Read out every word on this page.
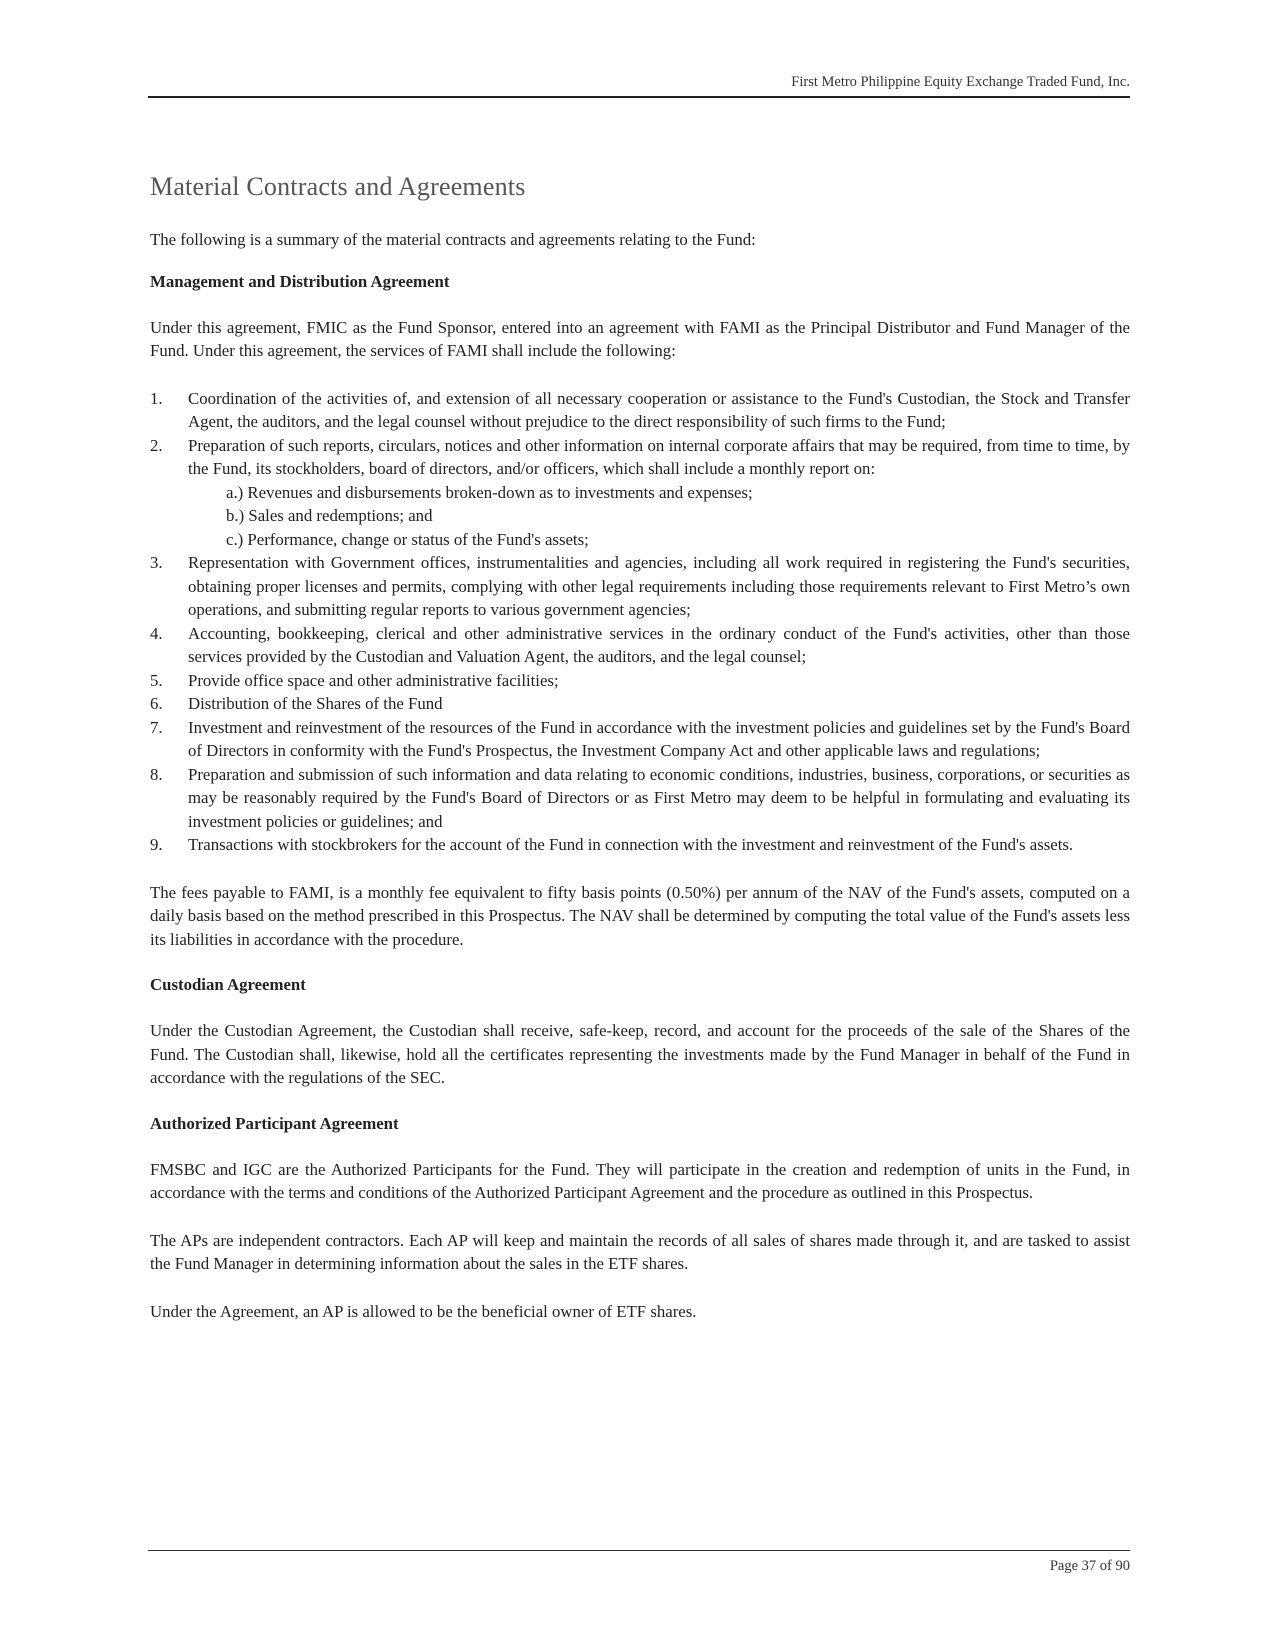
First Metro Philippine Equity Exchange Traded Fund, Inc.
Material Contracts and Agreements

The following is a summary of the material contracts and agreements relating to the Fund:

Management and Distribution Agreement

Under this agreement, FMIC as the Fund Sponsor, entered into an agreement with FAMI as the Principal Distributor and Fund Manager of the Fund. Under this agreement, the services of FAMI shall include the following:

1. Coordination of the activities of, and extension of all necessary cooperation or assistance to the Fund's Custodian, the Stock and Transfer Agent, the auditors, and the legal counsel without prejudice to the direct responsibility of such firms to the Fund;
2. Preparation of such reports, circulars, notices and other information on internal corporate affairs that may be required, from time to time, by the Fund, its stockholders, board of directors, and/or officers, which shall include a monthly report on:
a.) Revenues and disbursements broken-down as to investments and expenses;
b.) Sales and redemptions; and
c.) Performance, change or status of the Fund's assets;
3. Representation with Government offices, instrumentalities and agencies, including all work required in registering the Fund's securities, obtaining proper licenses and permits, complying with other legal requirements including those requirements relevant to First Metro’s own operations, and submitting regular reports to various government agencies;
4. Accounting, bookkeeping, clerical and other administrative services in the ordinary conduct of the Fund's activities, other than those services provided by the Custodian and Valuation Agent, the auditors, and the legal counsel;
5. Provide office space and other administrative facilities;
6. Distribution of the Shares of the Fund
7. Investment and reinvestment of the resources of the Fund in accordance with the investment policies and guidelines set by the Fund's Board of Directors in conformity with the Fund's Prospectus, the Investment Company Act and other applicable laws and regulations;
8. Preparation and submission of such information and data relating to economic conditions, industries, business, corporations, or securities as may be reasonably required by the Fund's Board of Directors or as First Metro may deem to be helpful in formulating and evaluating its investment policies or guidelines; and
9. Transactions with stockbrokers for the account of the Fund in connection with the investment and reinvestment of the Fund's assets.

The fees payable to FAMI, is a monthly fee equivalent to fifty basis points (0.50%) per annum of the NAV of the Fund's assets, computed on a daily basis based on the method prescribed in this Prospectus. The NAV shall be determined by computing the total value of the Fund's assets less its liabilities in accordance with the procedure.

Custodian Agreement

Under the Custodian Agreement, the Custodian shall receive, safe-keep, record, and account for the proceeds of the sale of the Shares of the Fund. The Custodian shall, likewise, hold all the certificates representing the investments made by the Fund Manager in behalf of the Fund in accordance with the regulations of the SEC.

Authorized Participant Agreement

FMSBC and IGC are the Authorized Participants for the Fund. They will participate in the creation and redemption of units in the Fund, in accordance with the terms and conditions of the Authorized Participant Agreement and the procedure as outlined in this Prospectus.

The APs are independent contractors. Each AP will keep and maintain the records of all sales of shares made through it, and are tasked to assist the Fund Manager in determining information about the sales in the ETF shares.

Under the Agreement, an AP is allowed to be the beneficial owner of ETF shares.

Page 37 of 90
